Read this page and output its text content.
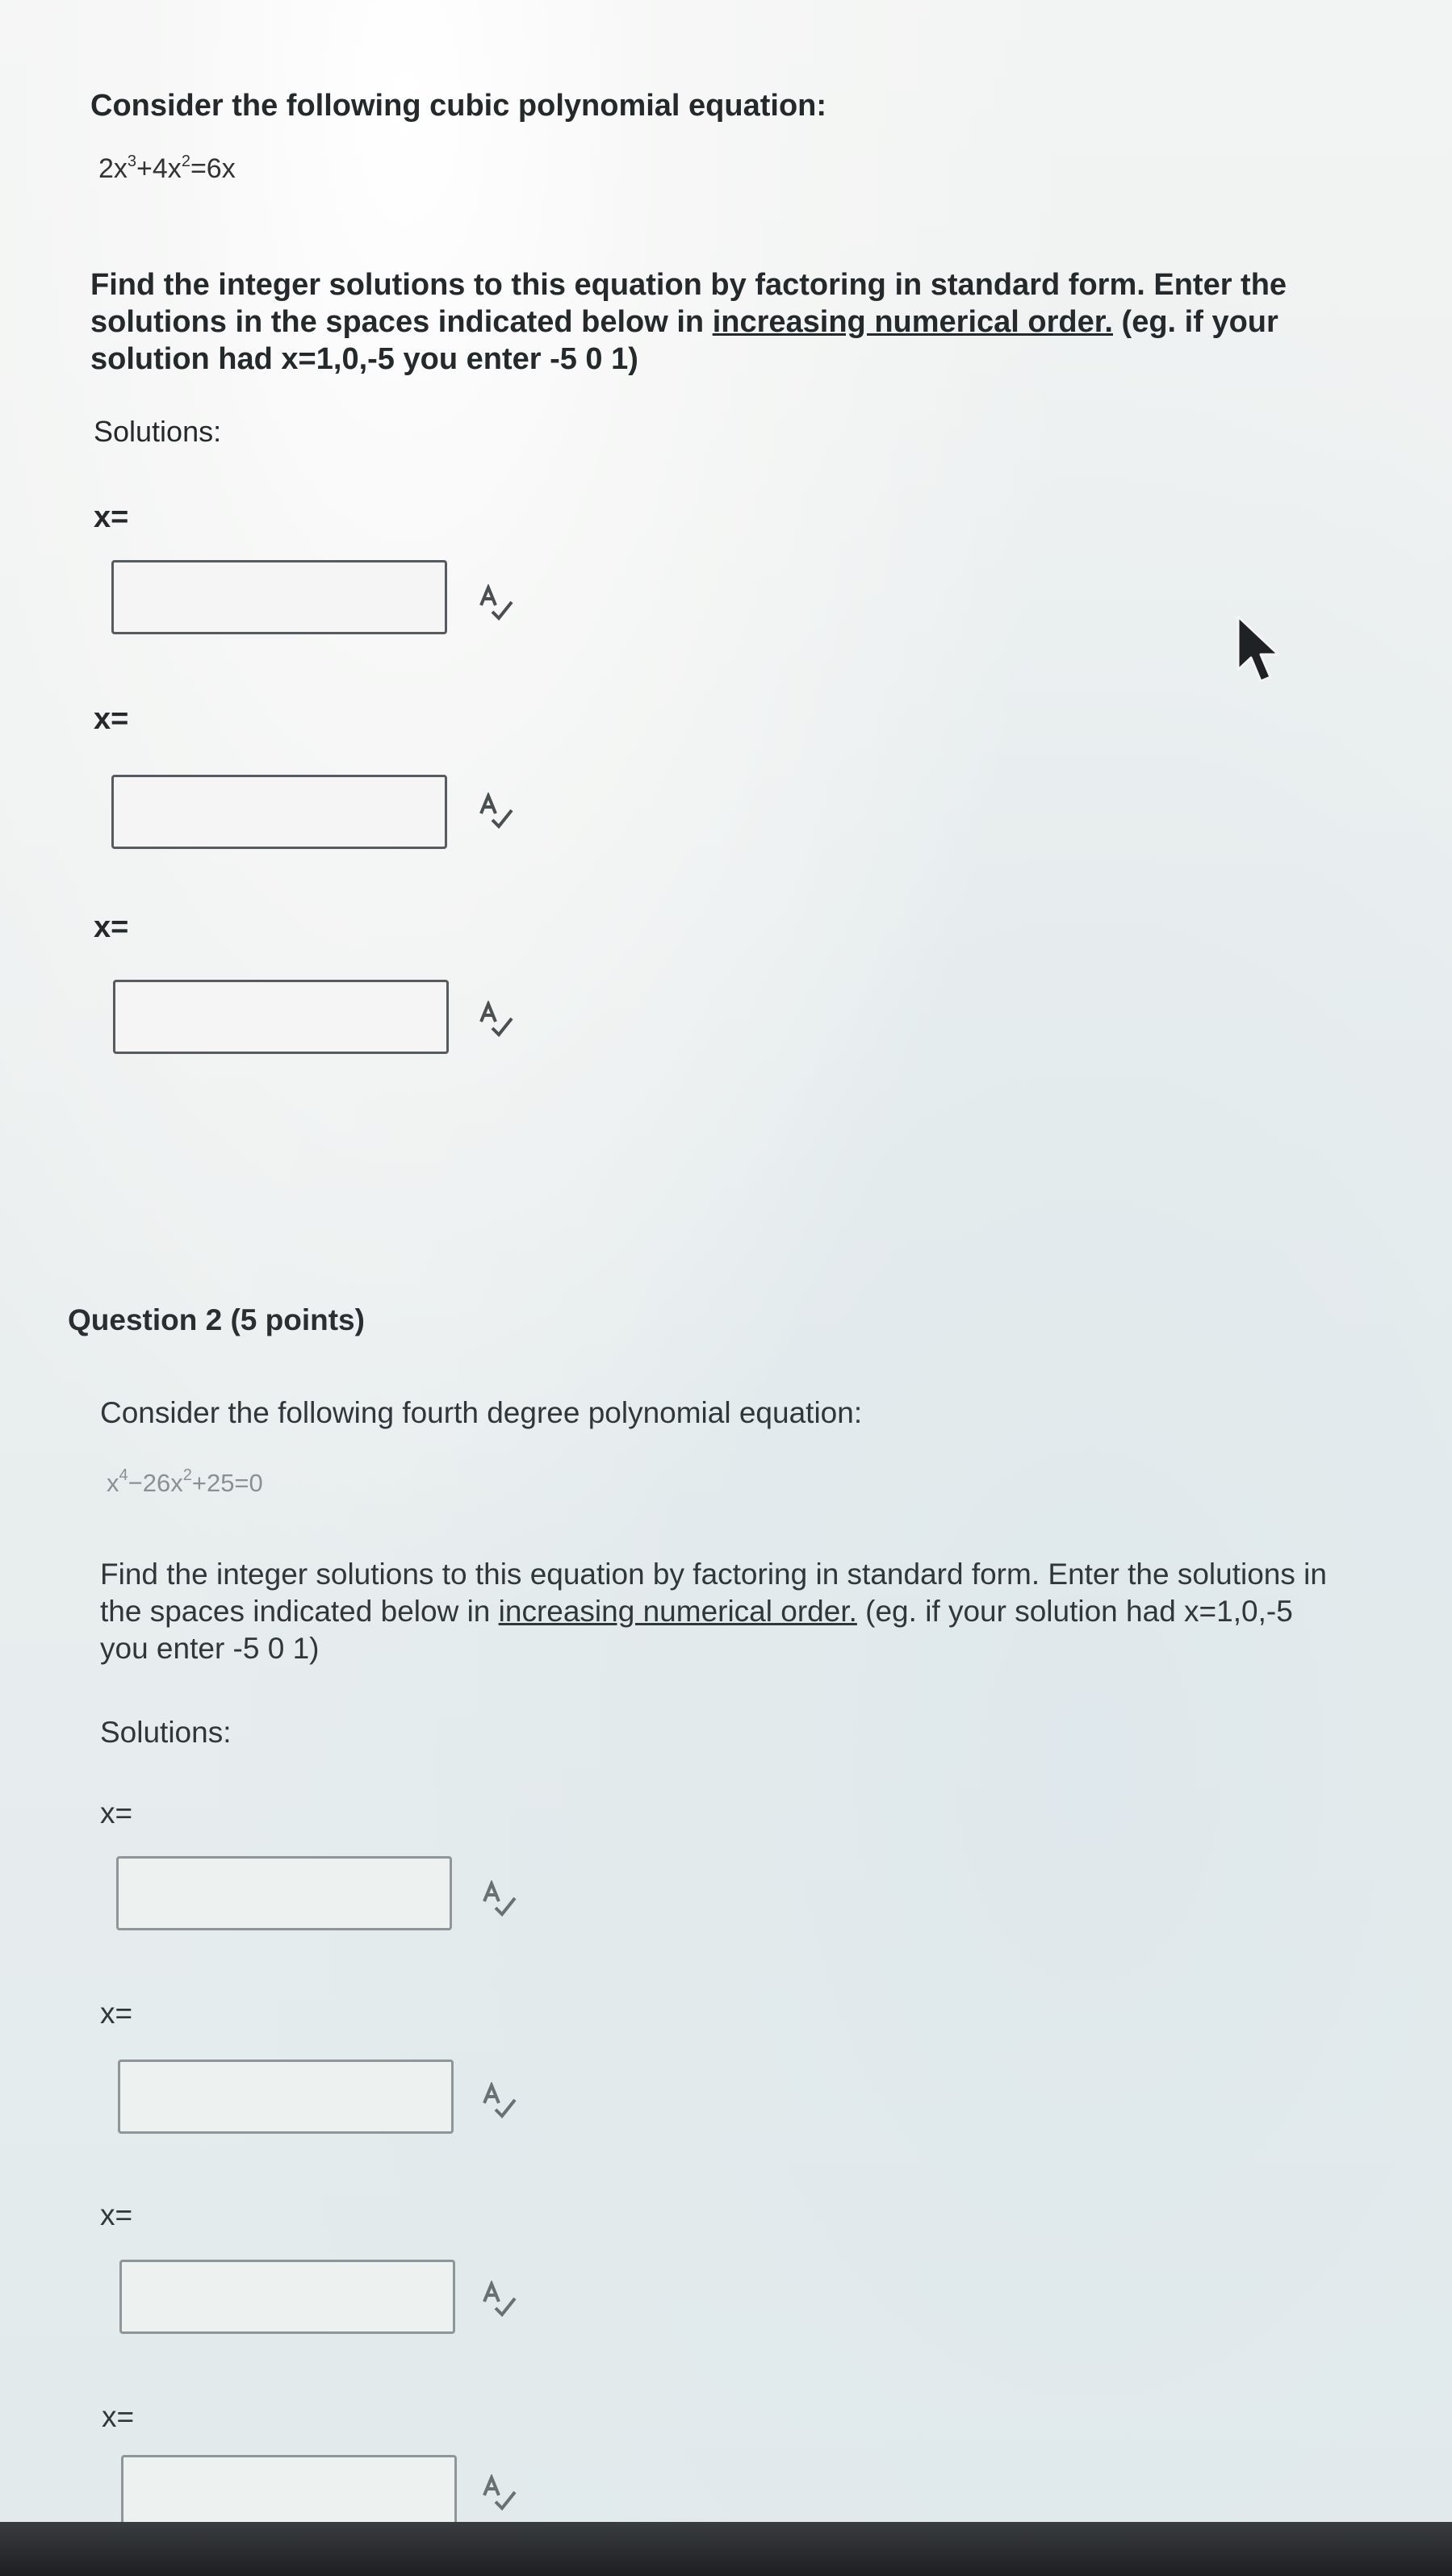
Consider the following cubic polynomial equation:

$2x^3+4x^2=6x$

Find the integer solutions to this equation by factoring in standard form. Enter the solutions in the spaces indicated below in increasing numerical order. (eg. if your solution had x=1,0,-5 you enter -5 0 1)

Solutions:

x=
x=
x=
Question 2 (5 points)

Consider the following fourth degree polynomial equation:

$x^4-26x^2+25=0$

Find the integer solutions to this equation by factoring in standard form. Enter the solutions in the spaces indicated below in increasing numerical order. (eg. if your solution had x=1,0,-5 you enter -5 0 1)

Solutions:

x=
x=
x=
x=
